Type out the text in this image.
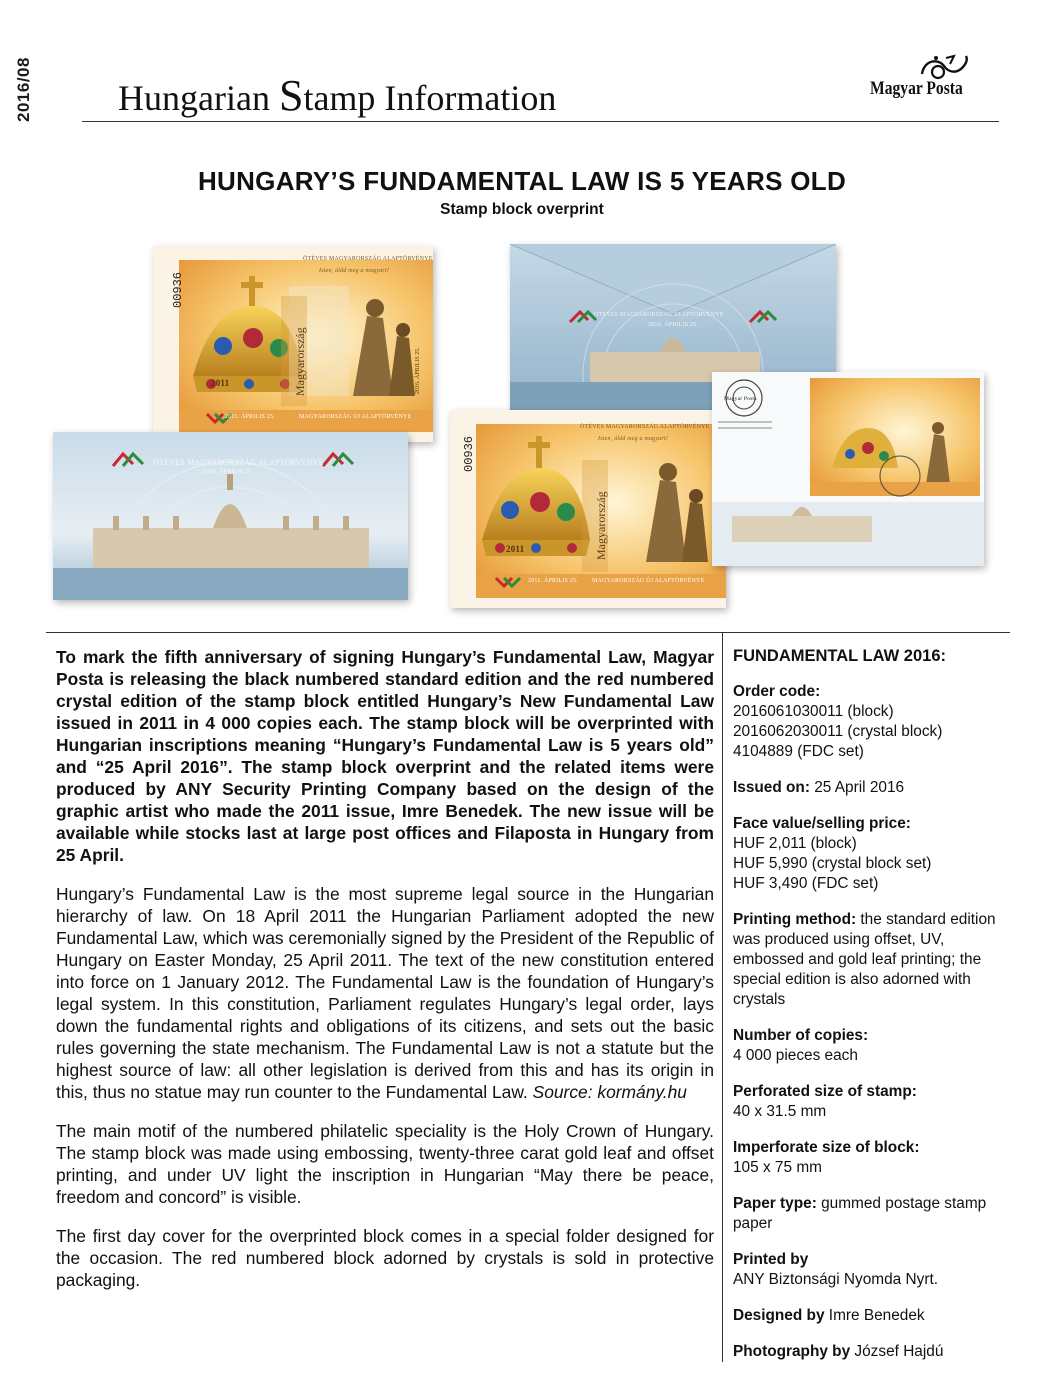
2016/08 Hungarian Stamp Information	Magyar Posta
HUNGARY’S FUNDAMENTAL LAW IS 5 YEARS OLD
Stamp block overprint
00936
ÖTÉVES MAGYARORSZÁG ALAPTÖRVÉNYE
Isten, áldd meg a magyart!
2011	Magyarország	2016. ÁPRILIS 25.
2011. ÁPRILIS 25.	MAGYARORSZÁG ÚJ ALAPTÖRVÉNYE
ÖTÉVES MAGYARORSZÁG ALAPTÖRVÉNYE
2016. ÁPRILIS 25.
ÖTÉVES MAGYARORSZÁG ALAPTÖRVÉNYE
2016. ÁPRILIS 25.	00936
ÖTÉVES MAGYARORSZÁG ALAPTÖRVÉNYE
Isten, áldd meg a magyart!
2011	Magyarország
2011. ÁPRILIS 25. MAGYARORSZÁG ÚJ ALAPTÖRVÉNYE
Magyar Posta

To mark the fifth anniversary of signing Hungary’s Fundamental Law, Magyar Posta is releasing the black numbered standard edition and the red numbered crystal edition of the stamp block entitled Hungary’s New Fundamental Law issued in 2011 in 4 000 copies each. The stamp block will be overprinted with Hungarian inscriptions meaning “Hungary’s Fundamental Law is 5 years old” and “25 April 2016”. The stamp block overprint and the related items were produced by ANY Security Printing Company based on the design of the graphic artist who made the 2011 issue, Imre Benedek. The new issue will be available while stocks last at large post offices and Filaposta in Hungary from 25 April.

Hungary’s Fundamental Law is the most supreme legal source in the Hungarian hierarchy of law. On 18 April 2011 the Hungarian Parliament adopted the new Fundamental Law, which was ceremonially signed by the President of the Republic of Hungary on Easter Monday, 25 April 2011. The text of the new constitution entered into force on 1 January 2012. The Fundamental Law is the foundation of Hungary’s legal system. In this constitution, Parliament regulates Hungary’s legal order, lays down the fundamental rights and obligations of its citizens, and sets out the basic rules governing the state mechanism. The Fundamental Law is not a statute but the highest source of law: all other legislation is derived from this and has its origin in this, thus no statue may run counter to the Fundamental Law. Source: kormány.hu

The main motif of the numbered philatelic speciality is the Holy Crown of Hungary. The stamp block was made using embossing, twenty-three carat gold leaf and offset printing, and under UV light the inscription in Hungarian “May there be peace, freedom and concord” is visible.

The first day cover for the overprinted block comes in a special folder designed for the occasion. The red numbered block adorned by crystals is sold in protective packaging.

FUNDAMENTAL LAW 2016:
Order code:
2016061030011 (block)
2016062030011 (crystal block)
4104889 (FDC set)
Issued on: 25 April 2016
Face value/selling price:
HUF 2,011 (block)
HUF 5,990 (crystal block set)
HUF 3,490 (FDC set)
Printing method: the standard edition was produced using offset, UV, embossed and gold leaf printing; the special edition is also adorned with crystals
Number of copies:
4 000 pieces each
Perforated size of stamp:
40 x 31.5 mm
Imperforate size of block:
105 x 75 mm
Paper type: gummed postage stamp paper
Printed by
ANY Biztonsági Nyomda Nyrt.
Designed by Imre Benedek
Photography by József Hajdú
